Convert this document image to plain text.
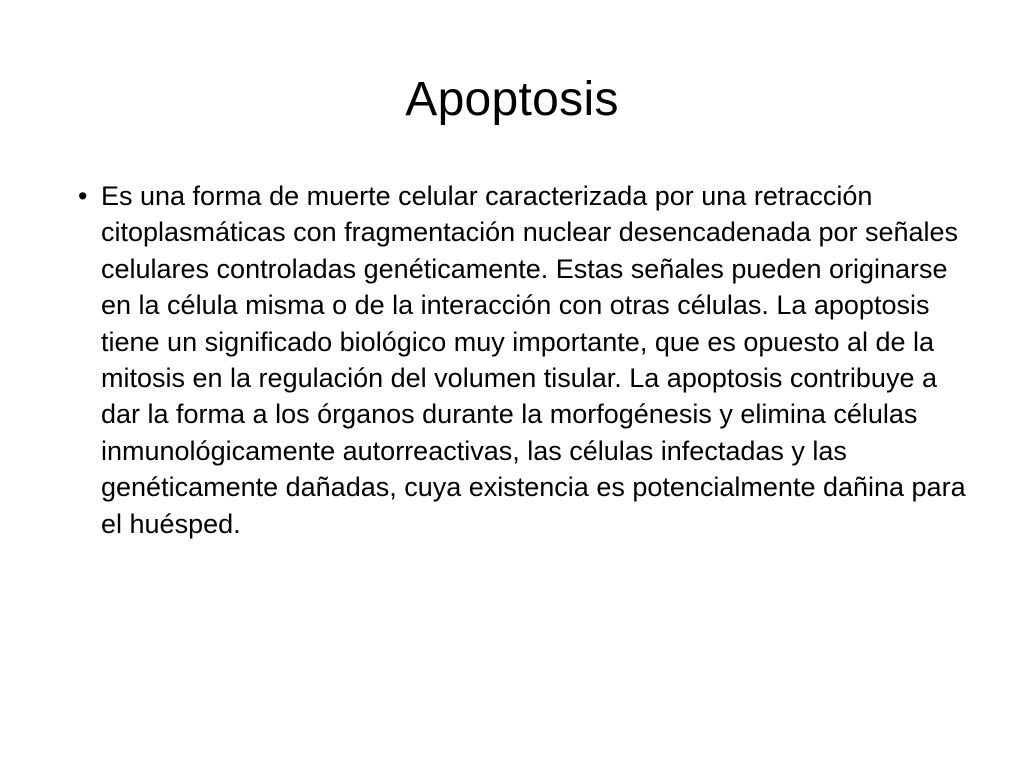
Apoptosis
• Es una forma de muerte celular caracterizada por una retracción citoplasmáticas con fragmentación nuclear desencadenada por señales celulares controladas genéticamente. Estas señales pueden originarse en la célula misma o de la interacción con otras células. La apoptosis tiene un significado biológico muy importante, que es opuesto al de la mitosis en la regulación del volumen tisular. La apoptosis contribuye a dar la forma a los órganos durante la morfogénesis y elimina células inmunológicamente autorreactivas, las células infectadas y las genéticamente dañadas, cuya existencia es potencialmente dañina para el huésped.
